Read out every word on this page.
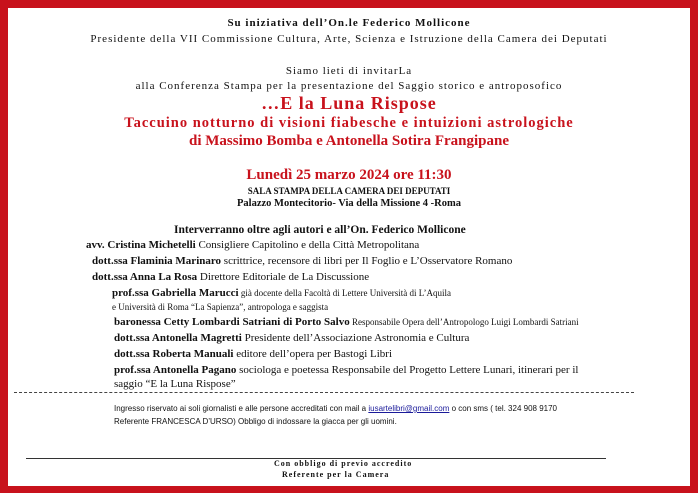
Su iniziativa dell’On.le Federico Mollicone
Presidente della VII Commissione Cultura, Arte, Scienza e Istruzione della Camera dei Deputati
Siamo lieti di invitarLa
alla Conferenza Stampa per la presentazione del Saggio storico e antroposofico
…E la Luna Rispose
Taccuino notturno di visioni fiabesche e intuizioni astrologiche
di Massimo Bomba e Antonella Sotira Frangipane
Lunedì 25 marzo 2024 ore 11:30
SALA STAMPA DELLA CAMERA DEI DEPUTATI
Palazzo Montecitorio- Via della Missione 4 -Roma
Interverranno oltre agli autori e all’On. Federico Mollicone
avv. Cristina Michetelli Consigliere Capitolino e della Città Metropolitana
dott.ssa Flaminia Marinaro scrittrice, recensore di libri per Il Foglio e L’Osservatore Romano
dott.ssa Anna La Rosa Direttore Editoriale de La Discussione
prof.ssa Gabriella Marucci già docente della Facoltà di Lettere Università di L’Aquila
e Università di Roma “La Sapienza”, antropologa e saggista
baronessa Cetty Lombardi Satriani di Porto Salvo Responsabile Opera dell’Antropologo Luigi Lombardi Satriani
dott.ssa Antonella Magretti Presidente dell’Associazione Astronomia e Cultura
dott.ssa Roberta Manuali editore dell’opera per Bastogi Libri
prof.ssa Antonella Pagano sociologa e poetessa Responsabile del Progetto Lettere Lunari, itinerari per il
saggio “E la Luna Rispose”
Ingresso riservato ai soli giornalisti e alle persone accreditati con mail a iusartelibri@gmail.com o con sms ( tel. 324 908 9170
Referente FRANCESCA D’URSO) Obbligo di indossare la giacca per gli uomini.
Con obbligo di previo accredito
Referente per la Camera
